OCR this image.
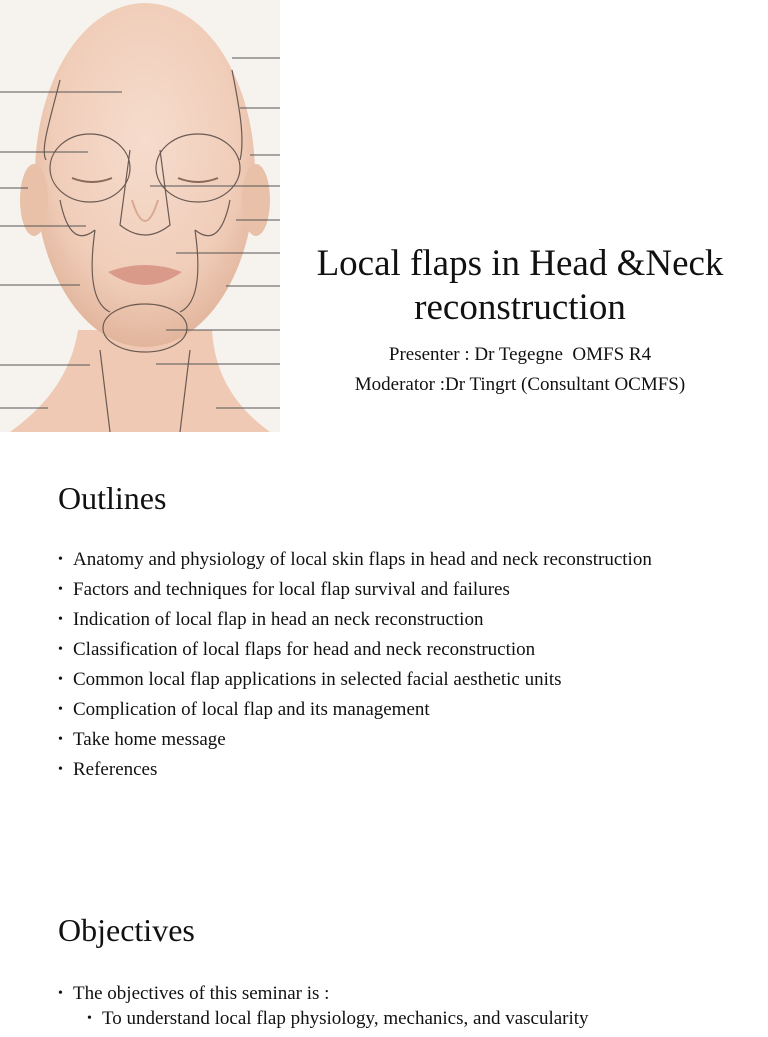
Local flaps in Head &Neck
reconstruction
Presenter : Dr Tegegne  OMFS R4
Moderator :Dr Tingrt (Consultant OCMFS)
Outlines
• Anatomy and physiology of local skin flaps in head and neck reconstruction
• Factors and techniques for local flap survival and failures
• Indication of local flap in head an neck reconstruction
• Classification of local flaps for head and neck reconstruction
• Common local flap applications in selected facial aesthetic units
• Complication of local flap and its management
• Take home message
• References
Objectives
• The objectives of this seminar is :
• To understand local flap physiology, mechanics, and vascularity
